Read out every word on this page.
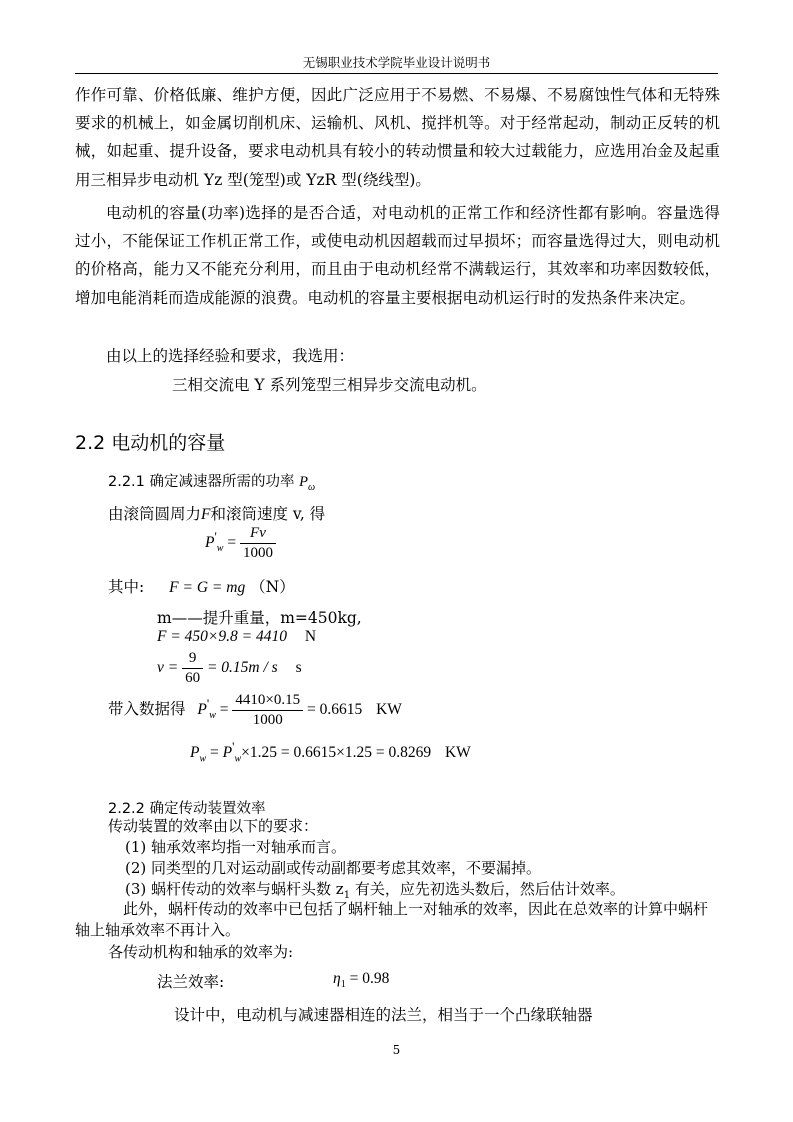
无锡职业技术学院毕业设计说明书
作作可靠、价格低廉、维护方便，因此广泛应用于不易燃、不易爆、不易腐蚀性气体和无特殊要求的机械上，如金属切削机床、运输机、风机、搅拌机等。对于经常起动，制动正反转的机械，如起重、提升设备，要求电动机具有较小的转动惯量和较大过载能力，应选用冶金及起重用三相异步电动机 Yz 型(笼型)或 YzR 型(绕线型)。
电动机的容量(功率)选择的是否合适，对电动机的正常工作和经济性都有影响。容量选得过小，不能保证工作机正常工作，或使电动机因超载而过早损坏；而容量选得过大，则电动机的价格高，能力又不能充分利用，而且由于电动机经常不满载运行，其效率和功率因数较低，增加电能消耗而造成能源的浪费。电动机的容量主要根据电动机运行时的发热条件来决定。
由以上的选择经验和要求，我选用：
三相交流电 Y 系列笼型三相异步交流电动机。
2.2 电动机的容量
2.2.1 确定减速器所需的功率 $P_\omega$
由滚筒圆周力F和滚筒速度 v, 得
$P'_w = \frac{Fv}{1000}$
其中: F = G = mg （N）
m——提升重量，m=450kg,
F = 450×9.8 = 4410 N
$v = \frac{9}{60} = 0.15m / s$ s
带入数据得 $P'_w = \frac{4410\times 0.15}{1000} = 0.6615$ KW
$P_w = P'_w\times 1.25 = 0.6615\times 1.25 = 0.8269$ KW
2.2.2 确定传动装置效率
传动装置的效率由以下的要求：
(1) 轴承效率均指一对轴承而言。
(2) 同类型的几对运动副或传动副都要考虑其效率，不要漏掉。
(3) 蜗杆传动的效率与蜗杆头数 $z_1$ 有关，应先初选头数后，然后估计效率。
此外，蜗杆传动的效率中已包括了蜗杆轴上一对轴承的效率，因此在总效率的计算中蜗杆轴上轴承效率不再计入。
各传动机构和轴承的效率为:
法兰效率:	$\eta_1 = 0.98$
设计中，电动机与减速器相连的法兰，相当于一个凸缘联轴器
5
